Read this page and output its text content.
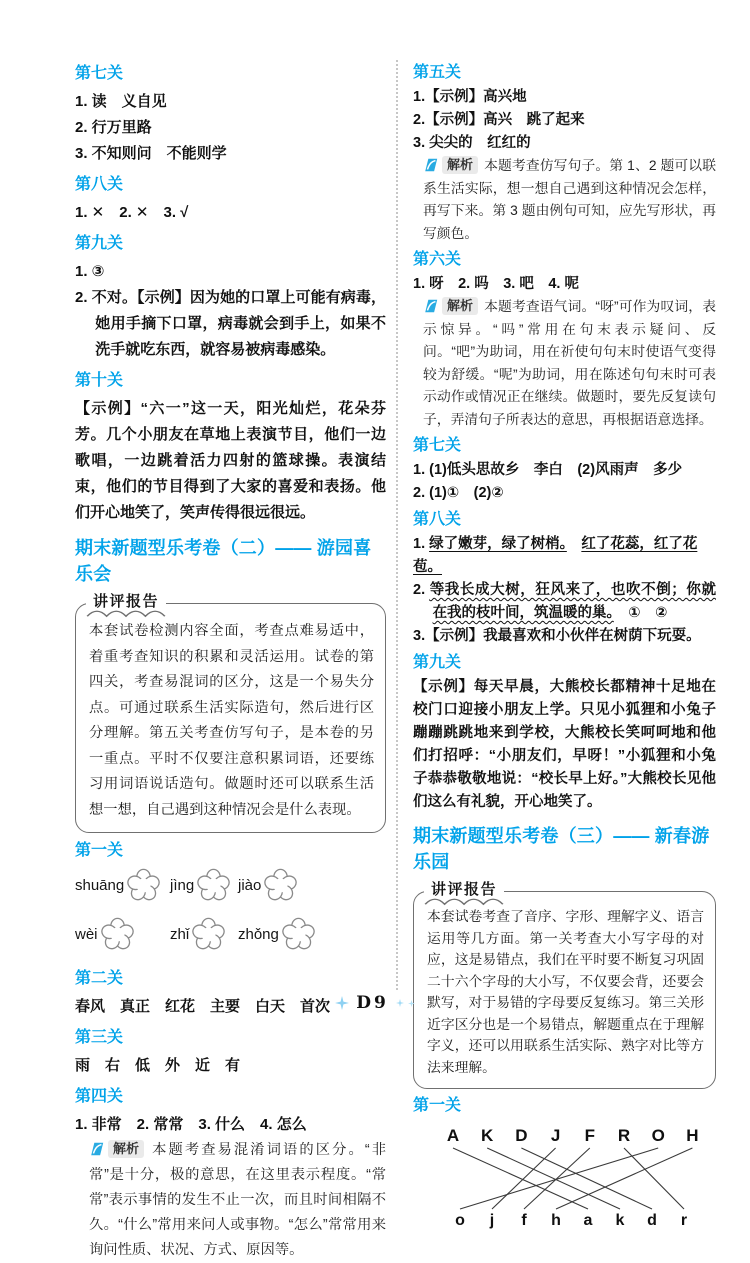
第七关

1. 读　义自见

2. 行万里路

3. 不知则问　不能则学

第八关

1. ✕　2. ✕　3. √

第九关

1. ③

2. 不对。【示例】因为她的口罩上可能有病毒，她用手摘下口罩，病毒就会到手上，如果不洗手就吃东西，就容易被病毒感染。

第十关

【示例】“六一”这一天，阳光灿烂，花朵芬芳。几个小朋友在草地上表演节目，他们一边歌唱，一边跳着活力四射的篮球操。表演结束，他们的节目得到了大家的喜爱和表扬。他们开心地笑了，笑声传得很远很远。

期末新题型乐考卷（二）—— 游园喜乐会
讲评报告

本套试卷检测内容全面，考查点难易适中，着重考查知识的积累和灵活运用。试卷的第四关，考查易混词的区分，这是一个易失分点。可通过联系生活实际造句，然后进行区分理解。第五关考查仿写句子，是本卷的另一重点。平时不仅要注意积累词语，还要练习用词语说话造句。做题时还可以联系生活想一想，自己遇到这种情况会是什么表现。

第一关
shuāng	jìng	jiào
wèi	zhǐ	zhǒng
第二关

春风　真正　红花　主要　白天　首次

第三关

雨　右　低　外　近　有

第四关

1. 非常　2. 常常　3. 什么　4. 怎么

解析 本题考查易混淆词语的区分。“非常”是十分，极的意思，在这里表示程度。“常常”表示事情的发生不止一次，而且时间相隔不久。“什么”常用来问人或事物。“怎么”常常用来询问性质、状况、方式、原因等。

第五关

1.【示例】高兴地

2.【示例】高兴　跳了起来

3. 尖尖的　红红的

解析 本题考查仿写句子。第 1、2 题可以联系生活实际，想一想自己遇到这种情况会怎样，再写下来。第 3 题由例句可知，应先写形状，再写颜色。

第六关

1. 呀　2. 吗　3. 吧　4. 呢

解析 本题考查语气词。“呀”可作为叹词，表示惊异。“吗”常用在句末表示疑问、反问。“吧”为助词，用在祈使句句末时使语气变得较为舒缓。“呢”为助词，用在陈述句句末时可表示动作或情况正在继续。做题时，要先反复读句子，弄清句子所表达的意思，再根据语意选择。

第七关

1. (1)低头思故乡　李白　(2)风雨声　多少

2. (1)①　(2)②

第八关

1. 绿了嫩芽，绿了树梢。　 红了花蕊，红了花苞。

2. 等我长成大树，狂风来了，也吹不倒；你就在我的枝叶间，筑温暖的巢。　①　②

3.【示例】我最喜欢和小伙伴在树荫下玩耍。

第九关

【示例】每天早晨，大熊校长都精神十足地在校门口迎接小朋友上学。只见小狐狸和小兔子蹦蹦跳跳地来到学校，大熊校长笑呵呵地和他们打招呼：“小朋友们，早呀！”小狐狸和小兔子恭恭敬敬地说：“校长早上好。”大熊校长见他们这么有礼貌，开心地笑了。

期末新题型乐考卷（三）—— 新春游乐园
讲评报告

本套试卷考查了音序、字形、理解字义、语言运用等几方面。第一关考查大小写字母的对应，这是易错点，我们在平时要不断复习巩固二十六个字母的大小写，不仅要会背，还要会默写，对于易错的字母要反复练习。第三关形近字区分也是一个易错点，解题重点在于理解字义，还可以用联系生活实际、熟字对比等方法来理解。

第一关
A K D J F R O H
o j f h a k d r
D9
